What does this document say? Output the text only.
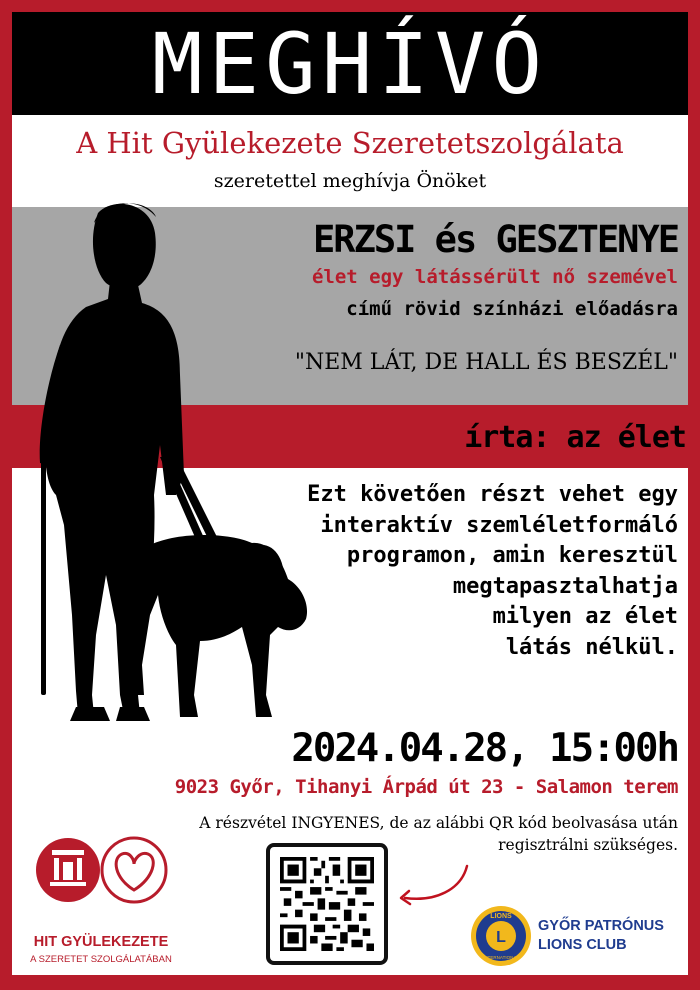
MEGHÍVÓ
A Hit Gyülekezete Szeretetszolgálata
szeretettel meghívja Önöket
ERZSI és GESZTENYE
élet egy látássérült nő szemével
című rövid színházi előadásra
"NEM LÁT, DE HALL ÉS BESZÉL"
írta: az élet
Ezt követően részt vehet egy
interaktív szemléletformáló
programon, amin keresztül
megtapasztalhatja
milyen az élet
látás nélkül.
2024.04.28, 15:00h
9023 Győr, Tihanyi Árpád út 23 - Salamon terem
A részvétel INGYENES, de az alábbi QR kód beolvasása után
regisztrálni szükséges.
HIT GYÜLEKEZETE
A SZERETET SZOLGÁLATÁBAN
L
LIONS
INTERNATIONAL
GYŐR PATRÓNUS
LIONS CLUB
